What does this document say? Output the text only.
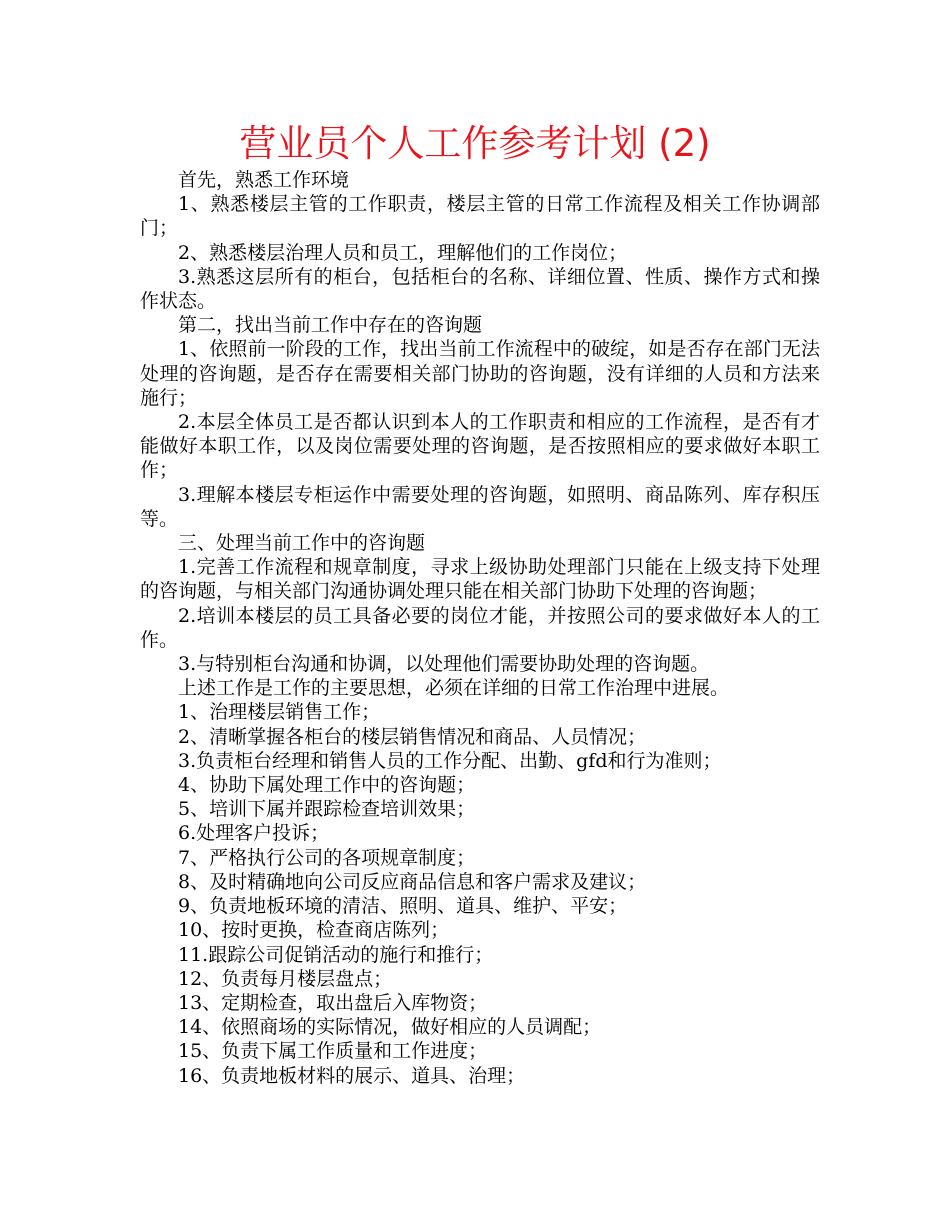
营业员个人工作参考计划 (2)

首先，熟悉工作环境

1、熟悉楼层主管的工作职责，楼层主管的日常工作流程及相关工作协调部门；

2、熟悉楼层治理人员和员工，理解他们的工作岗位；

3.熟悉这层所有的柜台，包括柜台的名称、详细位置、性质、操作方式和操作状态。

第二，找出当前工作中存在的咨询题

1、依照前一阶段的工作，找出当前工作流程中的破绽，如是否存在部门无法处理的咨询题，是否存在需要相关部门协助的咨询题，没有详细的人员和方法来施行；

2.本层全体员工是否都认识到本人的工作职责和相应的工作流程，是否有才能做好本职工作，以及岗位需要处理的咨询题，是否按照相应的要求做好本职工作；

3.理解本楼层专柜运作中需要处理的咨询题，如照明、商品陈列、库存积压等。

三、处理当前工作中的咨询题

1.完善工作流程和规章制度，寻求上级协助处理部门只能在上级支持下处理的咨询题，与相关部门沟通协调处理只能在相关部门协助下处理的咨询题；

2.培训本楼层的员工具备必要的岗位才能，并按照公司的要求做好本人的工作。

3.与特别柜台沟通和协调，以处理他们需要协助处理的咨询题。

上述工作是工作的主要思想，必须在详细的日常工作治理中进展。

1、治理楼层销售工作；

2、清晰掌握各柜台的楼层销售情况和商品、人员情况；

3.负责柜台经理和销售人员的工作分配、出勤、gfd和行为准则；

4、协助下属处理工作中的咨询题；

5、培训下属并跟踪检查培训效果；

6.处理客户投诉；

7、严格执行公司的各项规章制度；

8、及时精确地向公司反应商品信息和客户需求及建议；

9、负责地板环境的清洁、照明、道具、维护、平安；

10、按时更换，检查商店陈列；

11.跟踪公司促销活动的施行和推行；

12、负责每月楼层盘点；

13、定期检查，取出盘后入库物资；

14、依照商场的实际情况，做好相应的人员调配；

15、负责下属工作质量和工作进度；

16、负责地板材料的展示、道具、治理；
